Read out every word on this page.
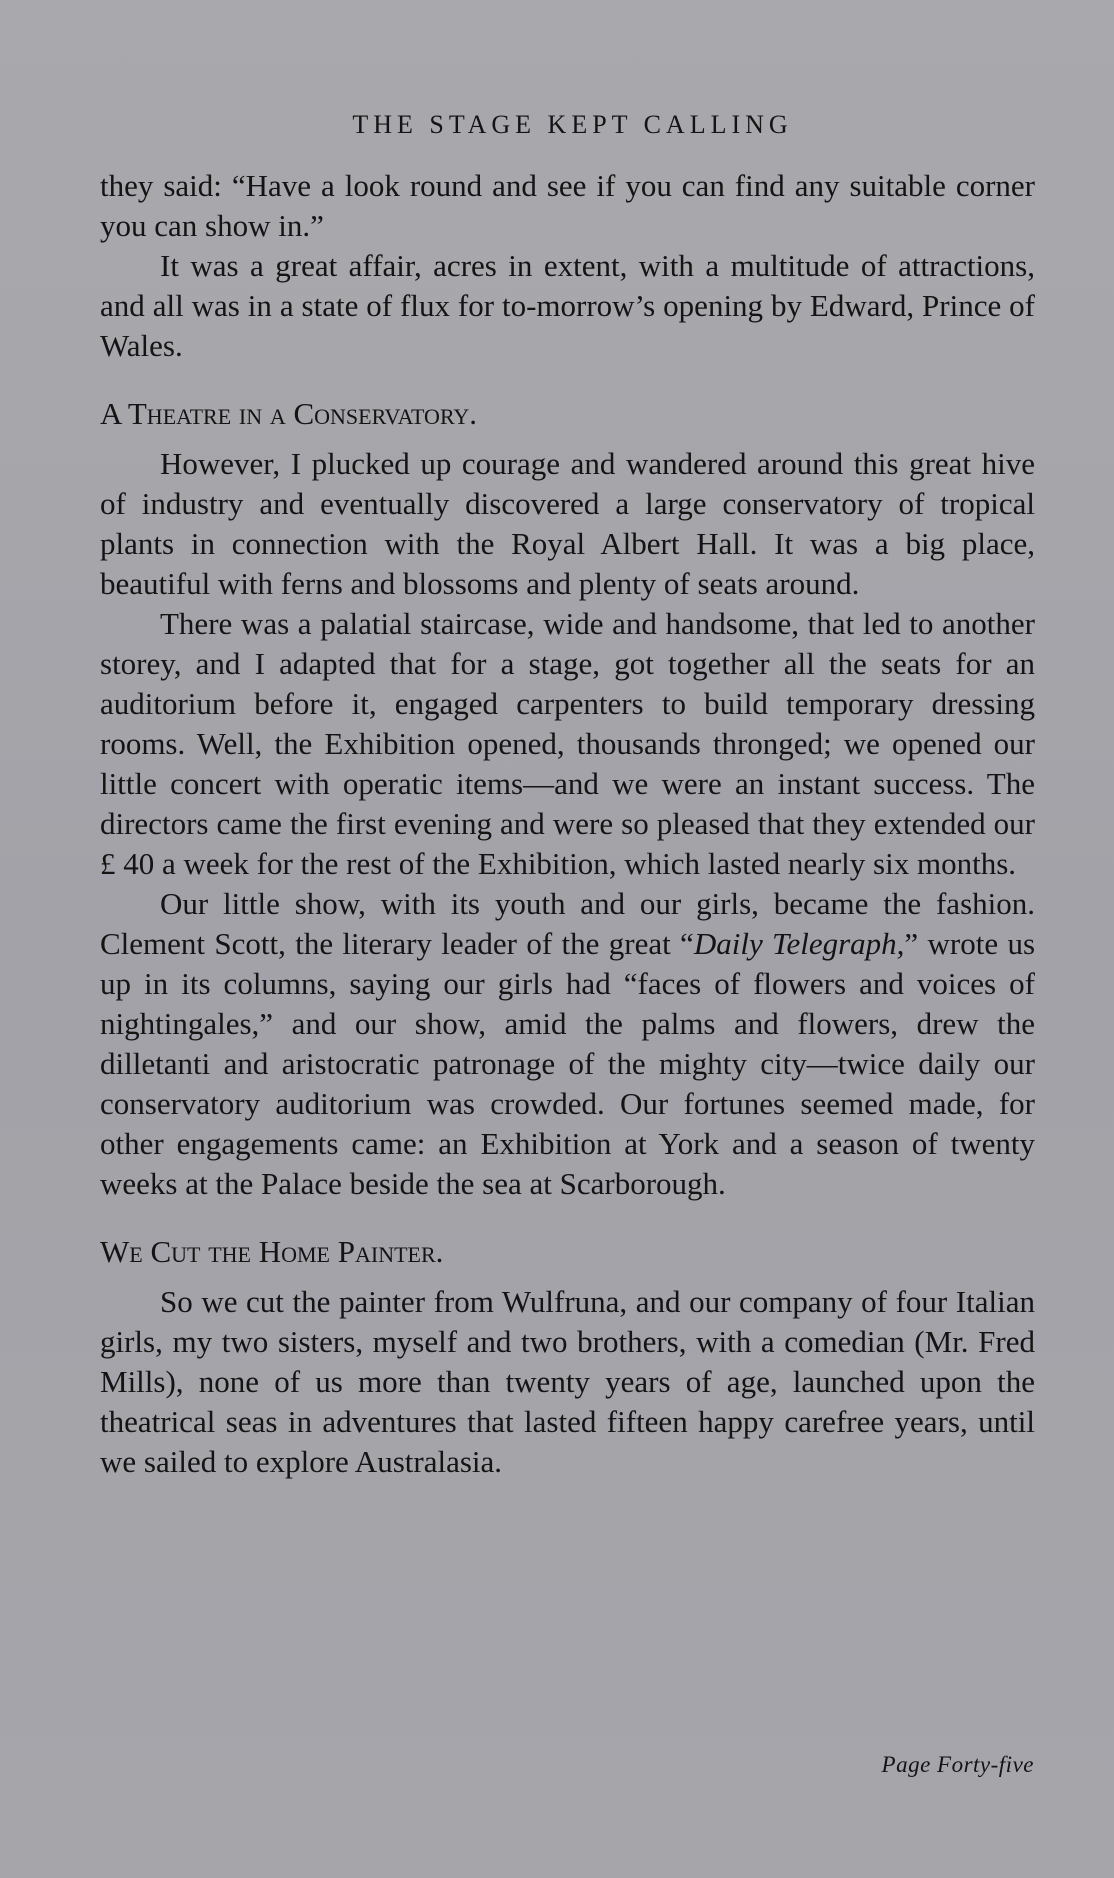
THE STAGE KEPT CALLING

they said: “Have a look round and see if you can find any suitable corner you can show in.”

It was a great affair, acres in extent, with a multitude of attractions, and all was in a state of flux for to-morrow’s opening by Edward, Prince of Wales.

A Theatre in a Conservatory.

However, I plucked up courage and wandered around this great hive of industry and eventually discovered a large conservatory of tropical plants in connection with the Royal Albert Hall. It was a big place, beautiful with ferns and blossoms and plenty of seats around.

There was a palatial staircase, wide and handsome, that led to another storey, and I adapted that for a stage, got together all the seats for an auditorium before it, engaged carpenters to build temporary dressing rooms. Well, the Exhibition opened, thousands thronged; we opened our little concert with operatic items—and we were an instant success. The directors came the first evening and were so pleased that they extended our £ 40 a week for the rest of the Exhibition, which lasted nearly six months.

Our little show, with its youth and our girls, became the fashion. Clement Scott, the literary leader of the great “Daily Telegraph,” wrote us up in its columns, saying our girls had “faces of flowers and voices of nightingales,” and our show, amid the palms and flowers, drew the dilletanti and aristocratic patronage of the mighty city—twice daily our conservatory auditorium was crowded. Our fortunes seemed made, for other engagements came: an Exhibition at York and a season of twenty weeks at the Palace beside the sea at Scarborough.

We Cut the Home Painter.

So we cut the painter from Wulfruna, and our company of four Italian girls, my two sisters, myself and two brothers, with a comedian (Mr. Fred Mills), none of us more than twenty years of age, launched upon the theatrical seas in adventures that lasted fifteen happy carefree years, until we sailed to explore Australasia.

Page Forty-five
